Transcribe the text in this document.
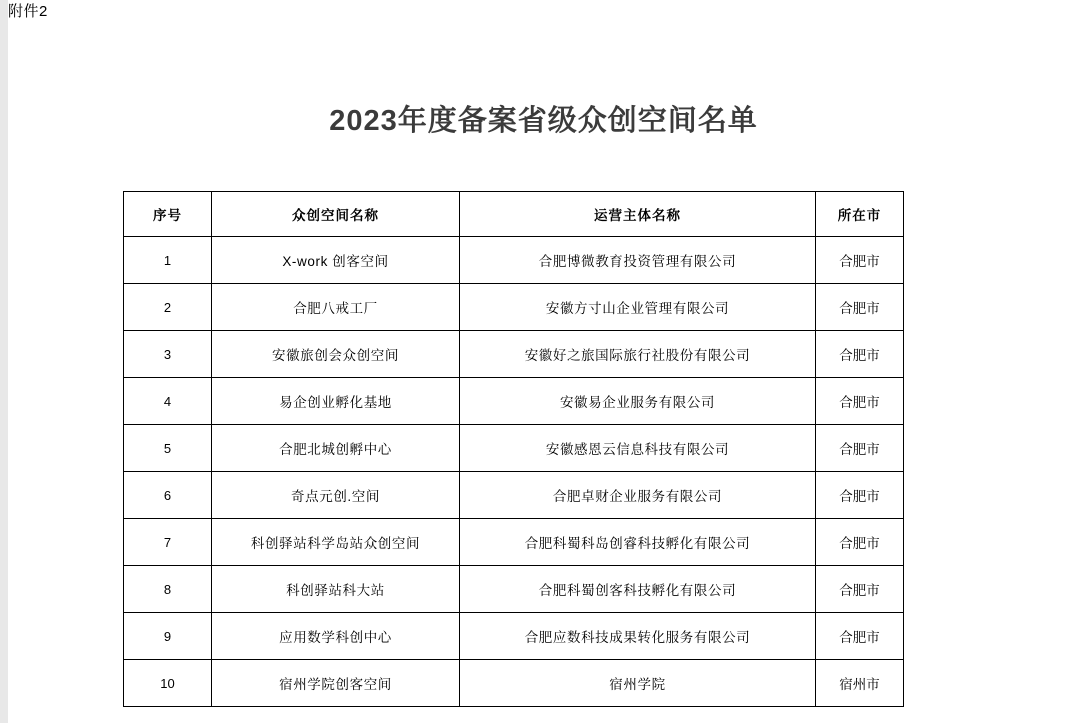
附件2
2023年度备案省级众创空间名单
序号	众创空间名称	运营主体名称	所在市
1	X-work 创客空间	合肥博微教育投资管理有限公司	合肥市
2	合肥八戒工厂	安徽方寸山企业管理有限公司	合肥市
3	安徽旅创会众创空间	安徽好之旅国际旅行社股份有限公司	合肥市
4	易企创业孵化基地	安徽易企业服务有限公司	合肥市
5	合肥北城创孵中心	安徽感恩云信息科技有限公司	合肥市
6	奇点元创.空间	合肥卓财企业服务有限公司	合肥市
7	科创驿站科学岛站众创空间	合肥科蜀科岛创睿科技孵化有限公司	合肥市
8	科创驿站科大站	合肥科蜀创客科技孵化有限公司	合肥市
9	应用数学科创中心	合肥应数科技成果转化服务有限公司	合肥市
10	宿州学院创客空间	宿州学院	宿州市
